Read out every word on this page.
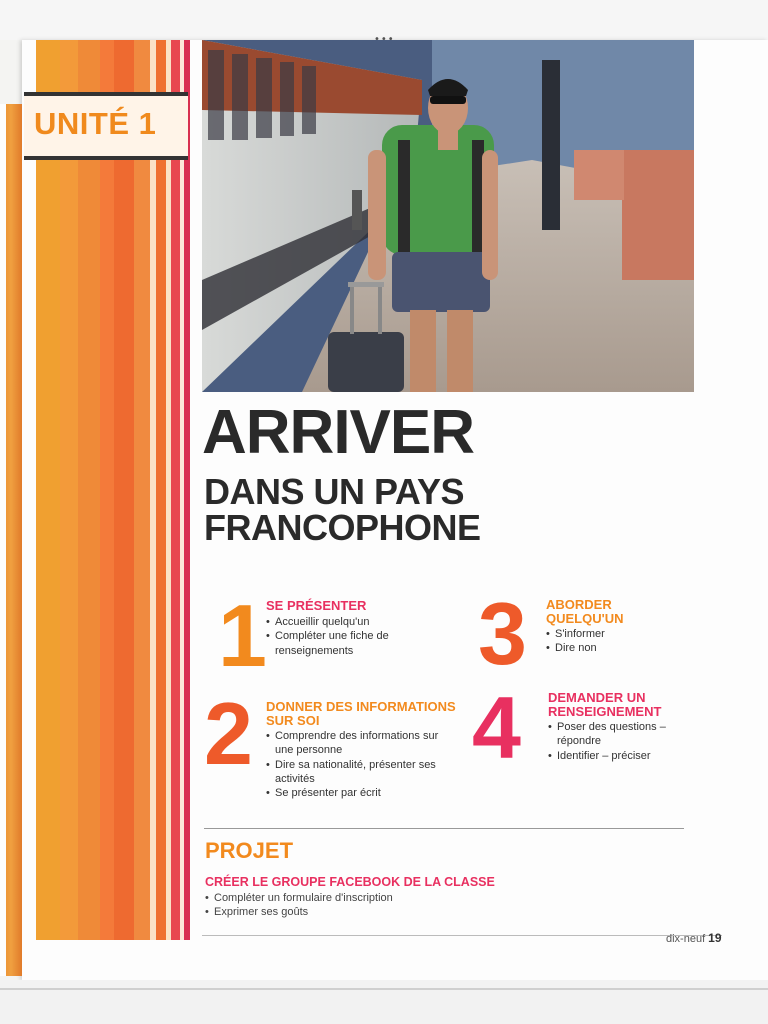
UNITÉ 1
ARRIVER
DANS UN PAYS FRANCOPHONE
1 SE PRÉSENTER
• Accueillir quelqu'un
• Compléter une fiche de renseignements
2 DONNER DES INFORMATIONS SUR SOI
• Comprendre des informations sur une personne
• Dire sa nationalité, présenter ses activités
• Se présenter par écrit
3 ABORDER QUELQU'UN
• S'informer
• Dire non
4 DEMANDER UN RENSEIGNEMENT
• Poser des questions – répondre
• Identifier – préciser
PROJET
CRÉER LE GROUPE FACEBOOK DE LA CLASSE
• Compléter un formulaire d'inscription
• Exprimer ses goûts
dix-neuf 19
